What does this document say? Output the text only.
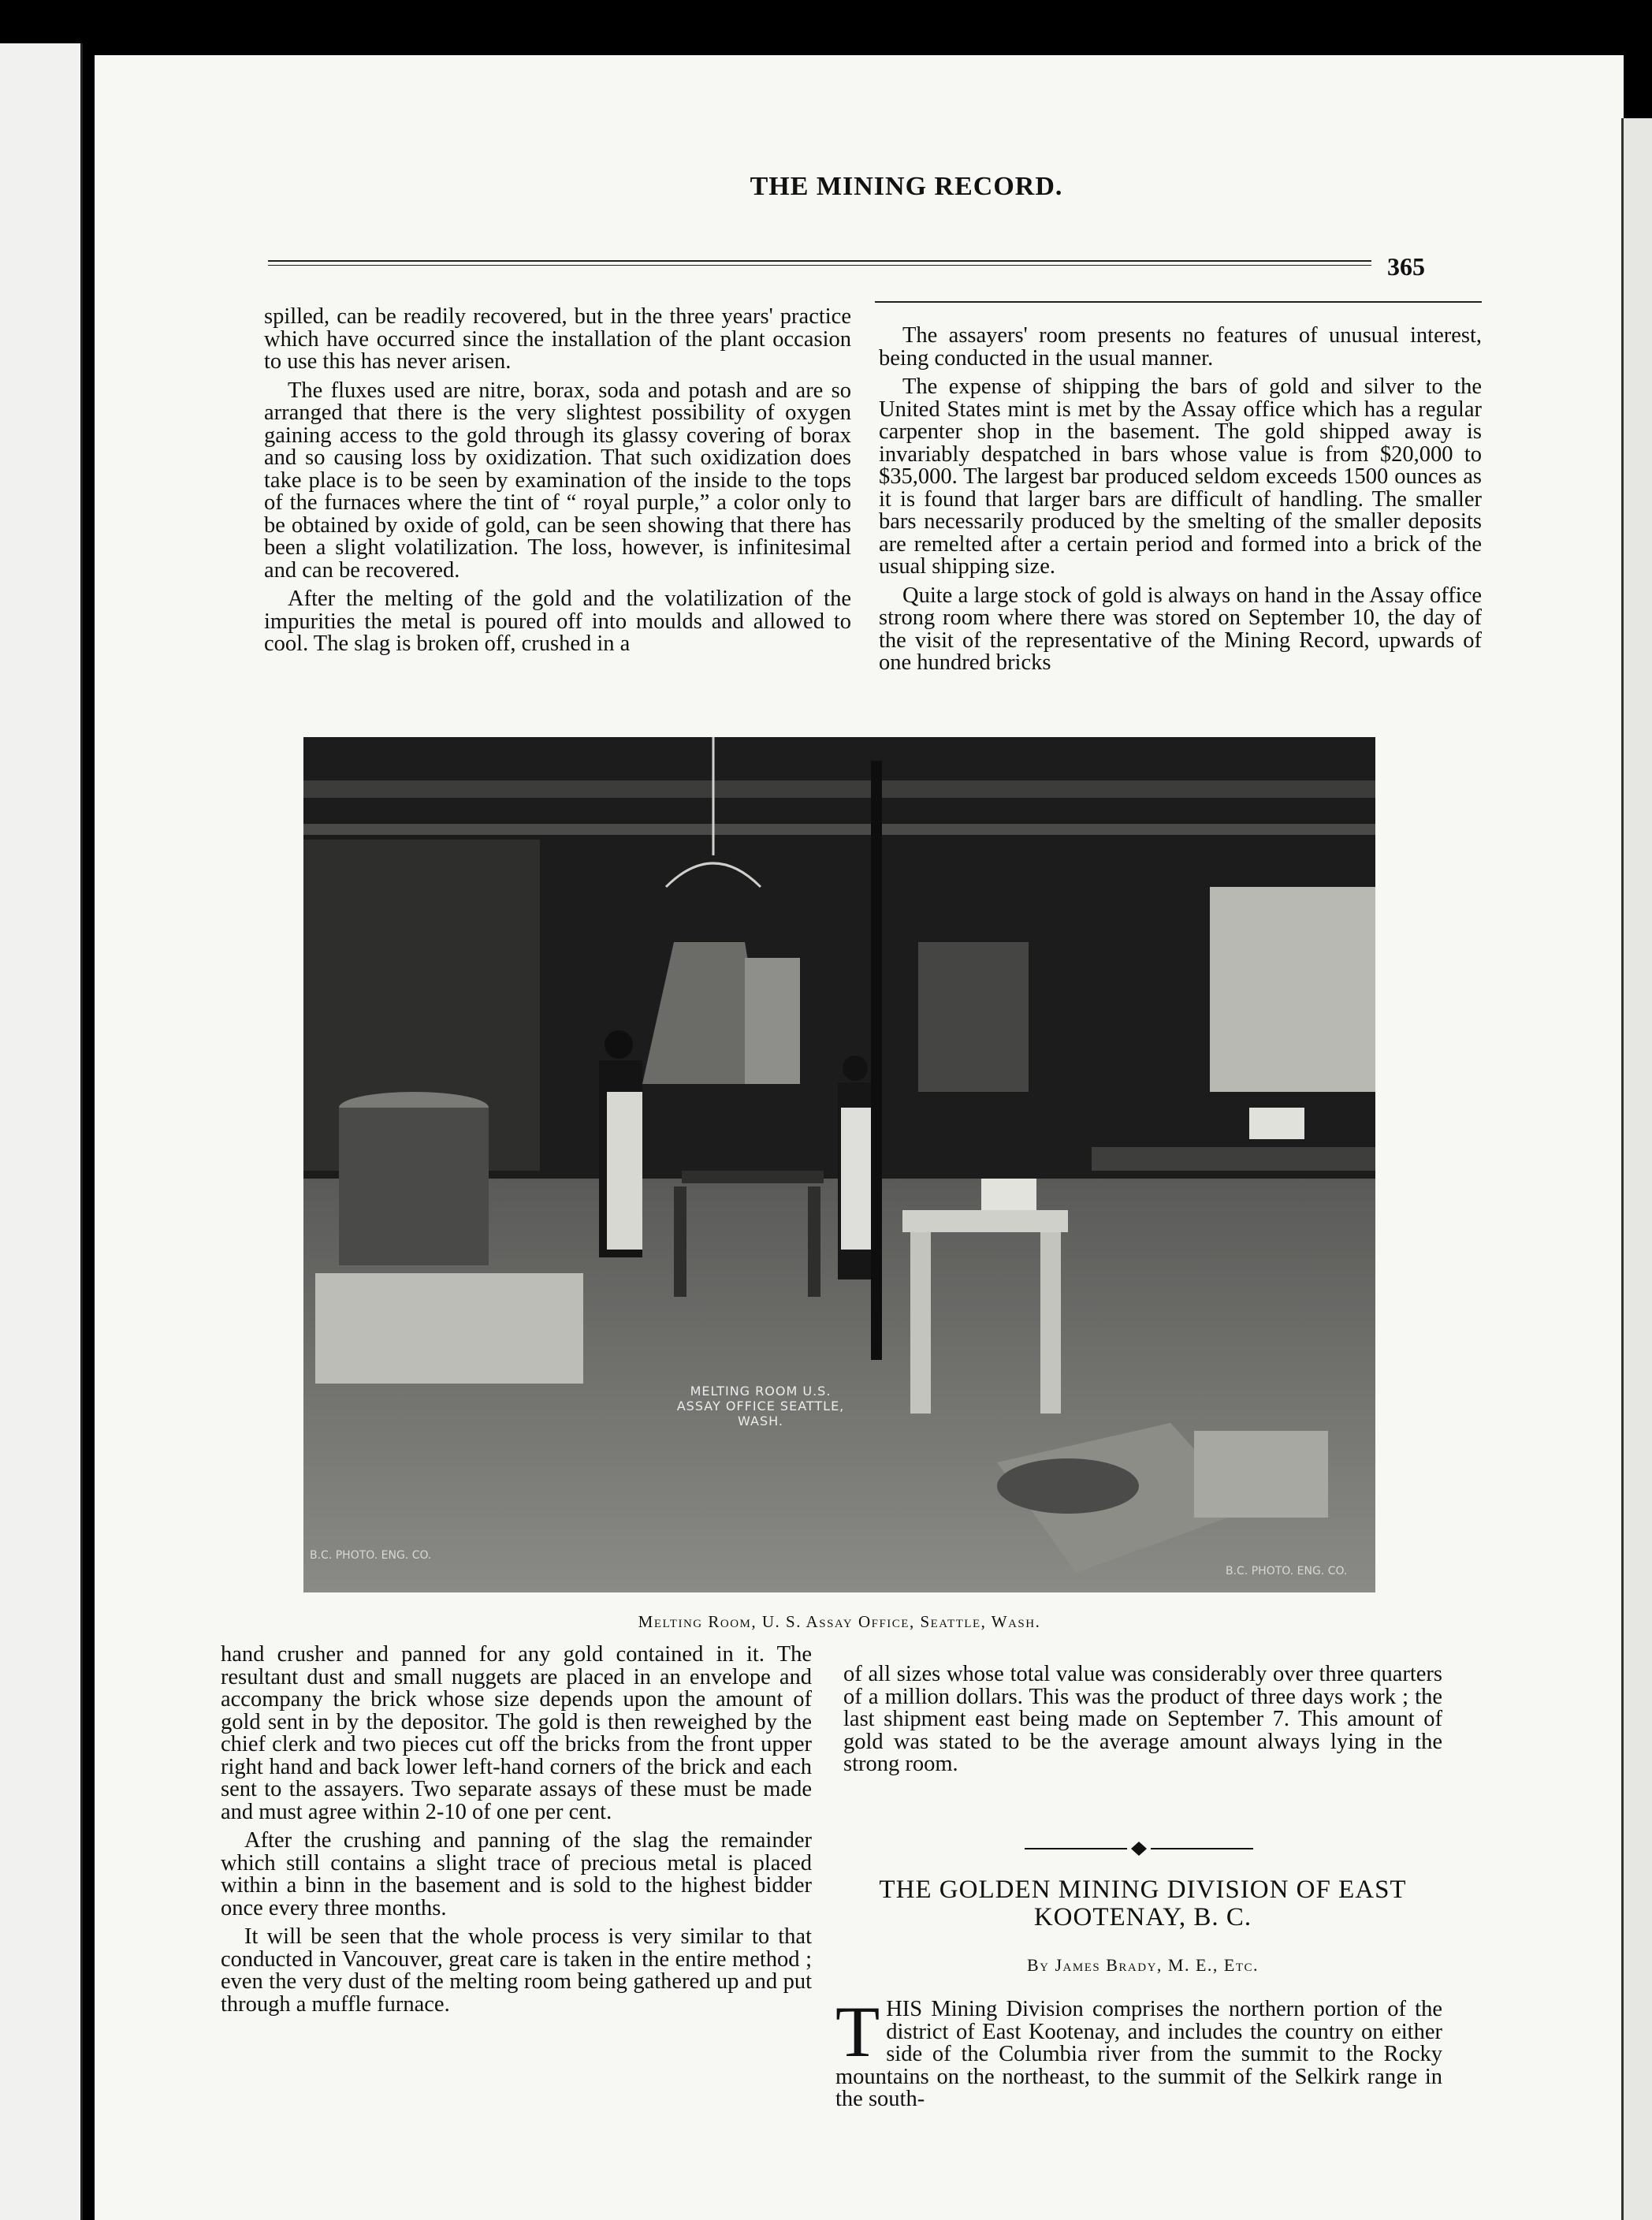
THE MINING RECORD.
365

spilled, can be readily recovered, but in the three years' practice which have occurred since the installation of the plant occasion to use this has never arisen.

The fluxes used are nitre, borax, soda and potash and are so arranged that there is the very slightest possibility of oxygen gaining access to the gold through its glassy covering of borax and so causing loss by oxidization. That such oxidization does take place is to be seen by examination of the inside to the tops of the furnaces where the tint of “ royal purple,” a color only to be obtained by oxide of gold, can be seen showing that there has been a slight volatilization. The loss, however, is infinitesimal and can be recovered.

After the melting of the gold and the volatilization of the impurities the metal is poured off into moulds and allowed to cool. The slag is broken off, crushed in a

The assayers' room presents no features of unusual interest, being conducted in the usual manner.

The expense of shipping the bars of gold and silver to the United States mint is met by the Assay office which has a regular carpenter shop in the basement. The gold shipped away is invariably despatched in bars whose value is from $20,000 to $35,000. The largest bar produced seldom exceeds 1500 ounces as it is found that larger bars are difficult of handling. The smaller bars necessarily produced by the smelting of the smaller deposits are remelted after a certain period and formed into a brick of the usual shipping size.

Quite a large stock of gold is always on hand in the Assay office strong room where there was stored on September 10, the day of the visit of the representative of the Mining Record, upwards of one hundred bricks

MELTING ROOM U.S. ASSAY OFFICE SEATTLE, WASH.
B.C. PHOTO. ENG. CO.
B.C. PHOTO. ENG. CO.
Melting Room, U. S. Assay Office, Seattle, Wash.

hand crusher and panned for any gold contained in it. The resultant dust and small nuggets are placed in an envelope and accompany the brick whose size depends upon the amount of gold sent in by the depositor. The gold is then reweighed by the chief clerk and two pieces cut off the bricks from the front upper right hand and back lower left-hand corners of the brick and each sent to the assayers. Two separate assays of these must be made and must agree within 2-10 of one per cent.

After the crushing and panning of the slag the remainder which still contains a slight trace of precious metal is placed within a binn in the basement and is sold to the highest bidder once every three months.

It will be seen that the whole process is very similar to that conducted in Vancouver, great care is taken in the entire method ; even the very dust of the melting room being gathered up and put through a muffle furnace.

of all sizes whose total value was considerably over three quarters of a million dollars. This was the product of three days work ; the last shipment east being made on September 7. This amount of gold was stated to be the average amount always lying in the strong room.

THE GOLDEN MINING DIVISION OF EAST KOOTENAY, B. C.
By James Brady, M. E., Etc.

THIS Mining Division comprises the northern portion of the district of East Kootenay, and includes the country on either side of the Columbia river from the summit to the Rocky mountains on the northeast, to the summit of the Selkirk range in the south-
